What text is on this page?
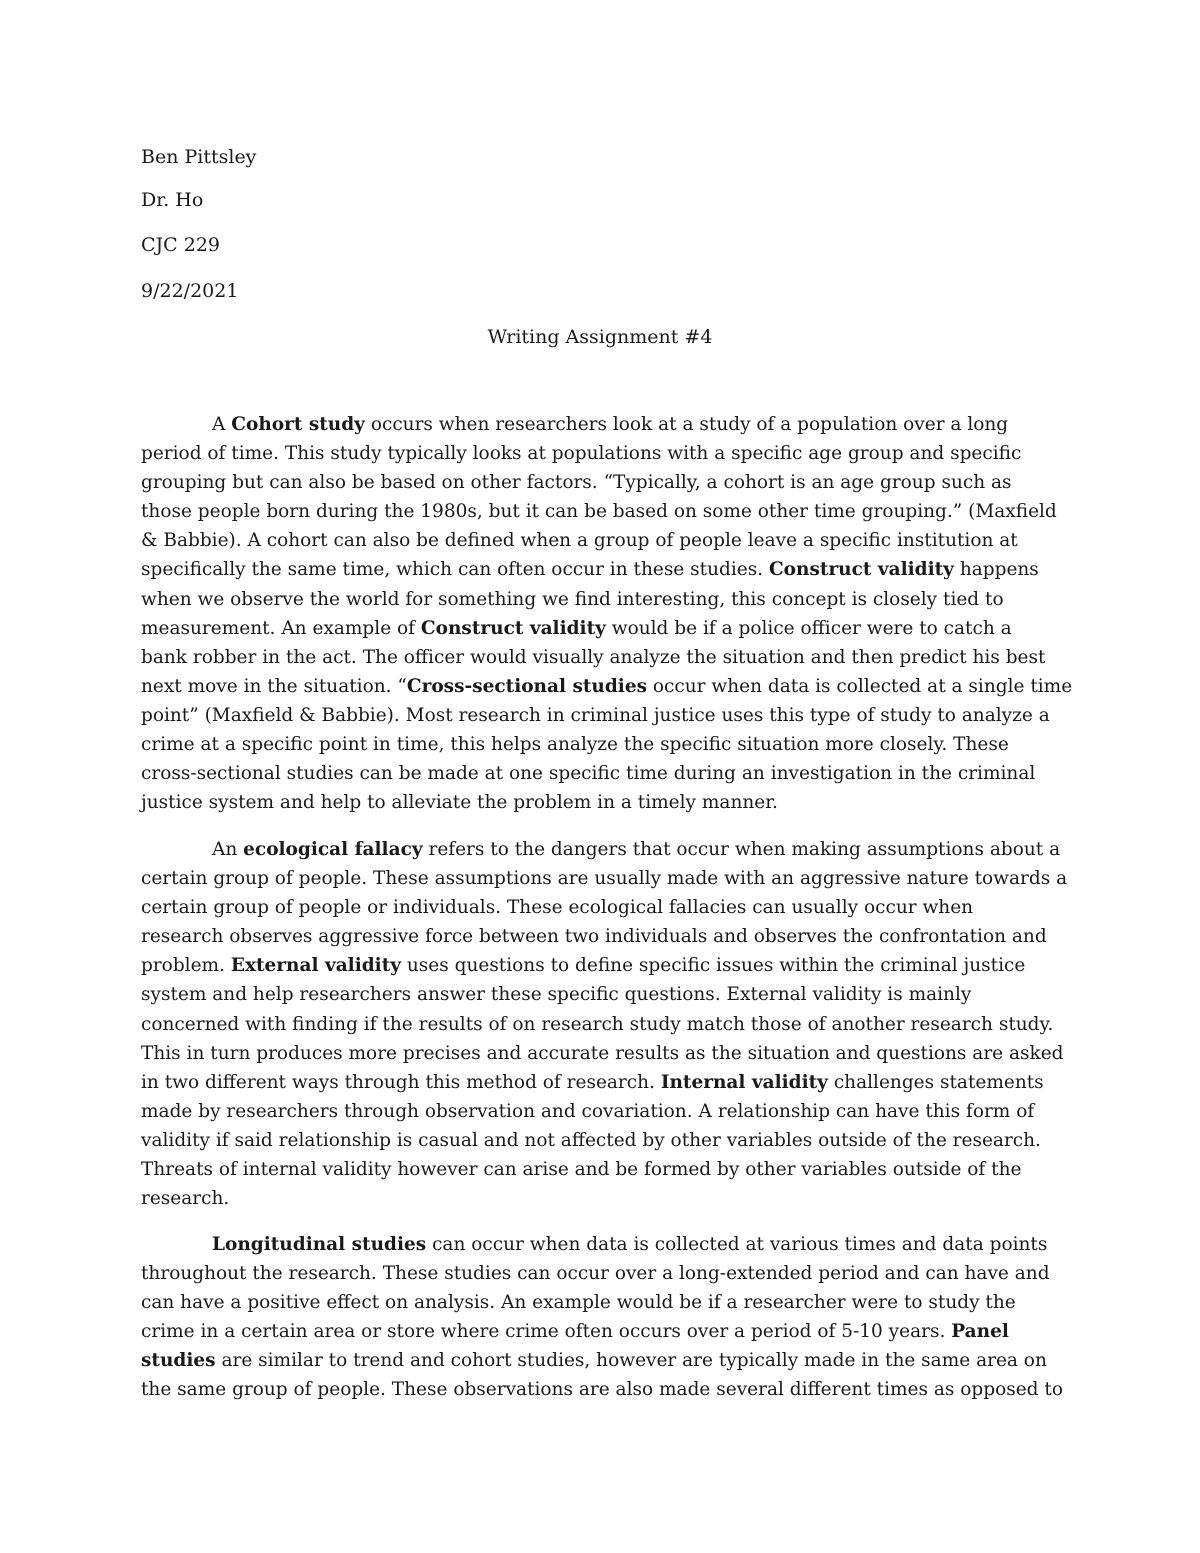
Ben Pittsley
Dr. Ho
CJC 229
9/22/2021
Writing Assignment #4
A Cohort study occurs when researchers look at a study of a population over a long
period of time. This study typically looks at populations with a specific age group and specific
grouping but can also be based on other factors. “Typically, a cohort is an age group such as
those people born during the 1980s, but it can be based on some other time grouping.” (Maxfield
& Babbie). A cohort can also be defined when a group of people leave a specific institution at
specifically the same time, which can often occur in these studies. Construct validity happens
when we observe the world for something we find interesting, this concept is closely tied to
measurement. An example of Construct validity would be if a police officer were to catch a
bank robber in the act. The officer would visually analyze the situation and then predict his best
next move in the situation. “Cross-sectional studies occur when data is collected at a single time
point” (Maxfield & Babbie). Most research in criminal justice uses this type of study to analyze a
crime at a specific point in time, this helps analyze the specific situation more closely. These
cross-sectional studies can be made at one specific time during an investigation in the criminal
justice system and help to alleviate the problem in a timely manner.
An ecological fallacy refers to the dangers that occur when making assumptions about a
certain group of people. These assumptions are usually made with an aggressive nature towards a
certain group of people or individuals. These ecological fallacies can usually occur when
research observes aggressive force between two individuals and observes the confrontation and
problem. External validity uses questions to define specific issues within the criminal justice
system and help researchers answer these specific questions. External validity is mainly
concerned with finding if the results of on research study match those of another research study.
This in turn produces more precises and accurate results as the situation and questions are asked
in two different ways through this method of research. Internal validity challenges statements
made by researchers through observation and covariation. A relationship can have this form of
validity if said relationship is casual and not affected by other variables outside of the research.
Threats of internal validity however can arise and be formed by other variables outside of the
research.
Longitudinal studies can occur when data is collected at various times and data points
throughout the research. These studies can occur over a long-extended period and can have and
can have a positive effect on analysis. An example would be if a researcher were to study the
crime in a certain area or store where crime often occurs over a period of 5-10 years. Panel
studies are similar to trend and cohort studies, however are typically made in the same area on
the same group of people. These observations are also made several different times as opposed to
